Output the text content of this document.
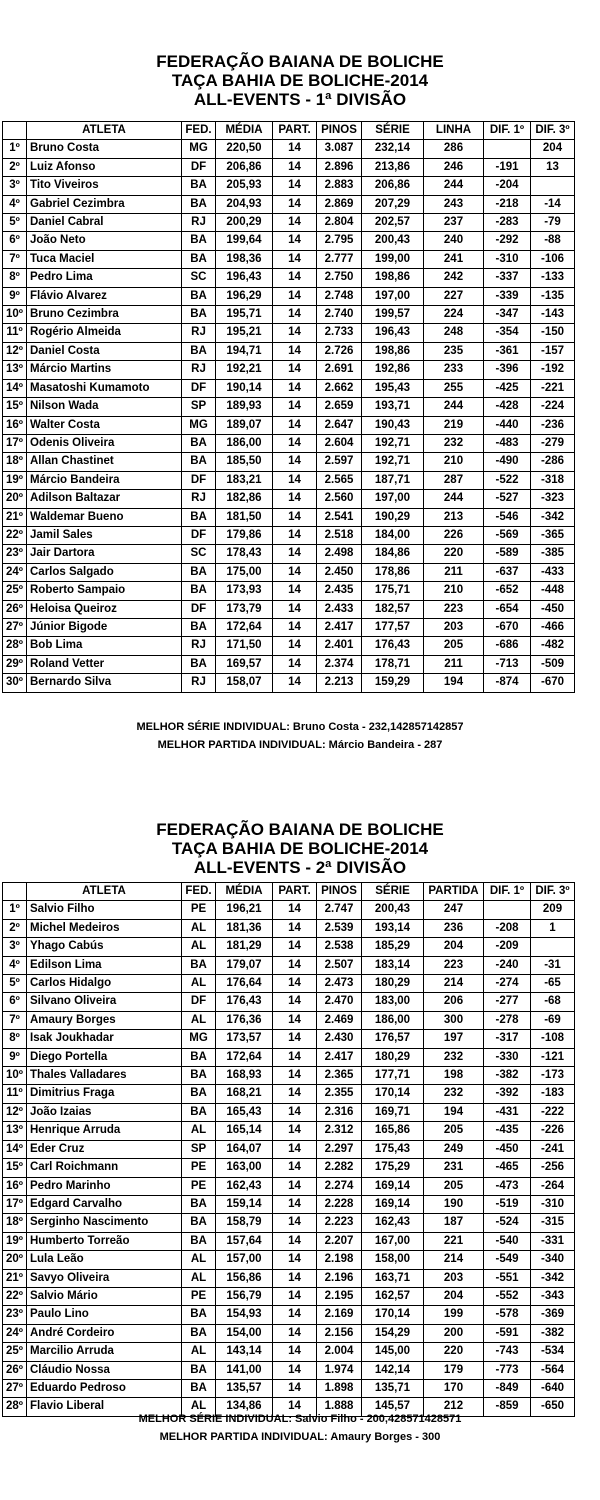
FEDERAÇÃO BAIANA DE BOLICHE
TAÇA BAHIA DE BOLICHE-2014
ALL-EVENTS - 1ª DIVISÃO
	ATLETA	FED.	MÉDIA	PART.	PINOS	SÉRIE	LINHA	DIF. 1º	DIF. 3º
1º	Bruno Costa	MG	220,50	14	3.087	232,14	286		204
2º	Luiz Afonso	DF	206,86	14	2.896	213,86	246	-191	13
3º	Tito Viveiros	BA	205,93	14	2.883	206,86	244	-204	
4º	Gabriel Cezimbra	BA	204,93	14	2.869	207,29	243	-218	-14
5º	Daniel Cabral	RJ	200,29	14	2.804	202,57	237	-283	-79
6º	João Neto	BA	199,64	14	2.795	200,43	240	-292	-88
7º	Tuca Maciel	BA	198,36	14	2.777	199,00	241	-310	-106
8º	Pedro Lima	SC	196,43	14	2.750	198,86	242	-337	-133
9º	Flávio Alvarez	BA	196,29	14	2.748	197,00	227	-339	-135
10º	Bruno Cezimbra	BA	195,71	14	2.740	199,57	224	-347	-143
11º	Rogério Almeida	RJ	195,21	14	2.733	196,43	248	-354	-150
12º	Daniel Costa	BA	194,71	14	2.726	198,86	235	-361	-157
13º	Márcio Martins	RJ	192,21	14	2.691	192,86	233	-396	-192
14º	Masatoshi Kumamoto	DF	190,14	14	2.662	195,43	255	-425	-221
15º	Nilson Wada	SP	189,93	14	2.659	193,71	244	-428	-224
16º	Walter Costa	MG	189,07	14	2.647	190,43	219	-440	-236
17º	Odenis Oliveira	BA	186,00	14	2.604	192,71	232	-483	-279
18º	Allan Chastinet	BA	185,50	14	2.597	192,71	210	-490	-286
19º	Márcio Bandeira	DF	183,21	14	2.565	187,71	287	-522	-318
20º	Adilson Baltazar	RJ	182,86	14	2.560	197,00	244	-527	-323
21º	Waldemar Bueno	BA	181,50	14	2.541	190,29	213	-546	-342
22º	Jamil Sales	DF	179,86	14	2.518	184,00	226	-569	-365
23º	Jair Dartora	SC	178,43	14	2.498	184,86	220	-589	-385
24º	Carlos Salgado	BA	175,00	14	2.450	178,86	211	-637	-433
25º	Roberto Sampaio	BA	173,93	14	2.435	175,71	210	-652	-448
26º	Heloisa Queiroz	DF	173,79	14	2.433	182,57	223	-654	-450
27º	Júnior Bigode	BA	172,64	14	2.417	177,57	203	-670	-466
28º	Bob Lima	RJ	171,50	14	2.401	176,43	205	-686	-482
29º	Roland Vetter	BA	169,57	14	2.374	178,71	211	-713	-509
30º	Bernardo Silva	RJ	158,07	14	2.213	159,29	194	-874	-670
MELHOR SÉRIE INDIVIDUAL: Bruno Costa - 232,142857142857
MELHOR PARTIDA INDIVIDUAL: Márcio Bandeira - 287
FEDERAÇÃO BAIANA DE BOLICHE
TAÇA BAHIA DE BOLICHE-2014
ALL-EVENTS - 2ª DIVISÃO
	ATLETA	FED.	MÉDIA	PART.	PINOS	SÉRIE	PARTIDA	DIF. 1º	DIF. 3º
1º	Salvio Filho	PE	196,21	14	2.747	200,43	247		209
2º	Michel Medeiros	AL	181,36	14	2.539	193,14	236	-208	1
3º	Yhago Cabús	AL	181,29	14	2.538	185,29	204	-209	
4º	Edilson Lima	BA	179,07	14	2.507	183,14	223	-240	-31
5º	Carlos Hidalgo	AL	176,64	14	2.473	180,29	214	-274	-65
6º	Silvano Oliveira	DF	176,43	14	2.470	183,00	206	-277	-68
7º	Amaury Borges	AL	176,36	14	2.469	186,00	300	-278	-69
8º	Isak Joukhadar	MG	173,57	14	2.430	176,57	197	-317	-108
9º	Diego Portella	BA	172,64	14	2.417	180,29	232	-330	-121
10º	Thales Valladares	BA	168,93	14	2.365	177,71	198	-382	-173
11º	Dimitrius Fraga	BA	168,21	14	2.355	170,14	232	-392	-183
12º	João Izaias	BA	165,43	14	2.316	169,71	194	-431	-222
13º	Henrique Arruda	AL	165,14	14	2.312	165,86	205	-435	-226
14º	Eder Cruz	SP	164,07	14	2.297	175,43	249	-450	-241
15º	Carl Roichmann	PE	163,00	14	2.282	175,29	231	-465	-256
16º	Pedro Marinho	PE	162,43	14	2.274	169,14	205	-473	-264
17º	Edgard Carvalho	BA	159,14	14	2.228	169,14	190	-519	-310
18º	Serginho Nascimento	BA	158,79	14	2.223	162,43	187	-524	-315
19º	Humberto Torreão	BA	157,64	14	2.207	167,00	221	-540	-331
20º	Lula Leão	AL	157,00	14	2.198	158,00	214	-549	-340
21º	Savyo Oliveira	AL	156,86	14	2.196	163,71	203	-551	-342
22º	Salvio Mário	PE	156,79	14	2.195	162,57	204	-552	-343
23º	Paulo Lino	BA	154,93	14	2.169	170,14	199	-578	-369
24º	André Cordeiro	BA	154,00	14	2.156	154,29	200	-591	-382
25º	Marcilio Arruda	AL	143,14	14	2.004	145,00	220	-743	-534
26º	Cláudio Nossa	BA	141,00	14	1.974	142,14	179	-773	-564
27º	Eduardo Pedroso	BA	135,57	14	1.898	135,71	170	-849	-640
28º	Flavio Liberal	AL	134,86	14	1.888	145,57	212	-859	-650
MELHOR SÉRIE INDIVIDUAL: Salvio Filho - 200,428571428571
MELHOR PARTIDA INDIVIDUAL: Amaury Borges - 300
